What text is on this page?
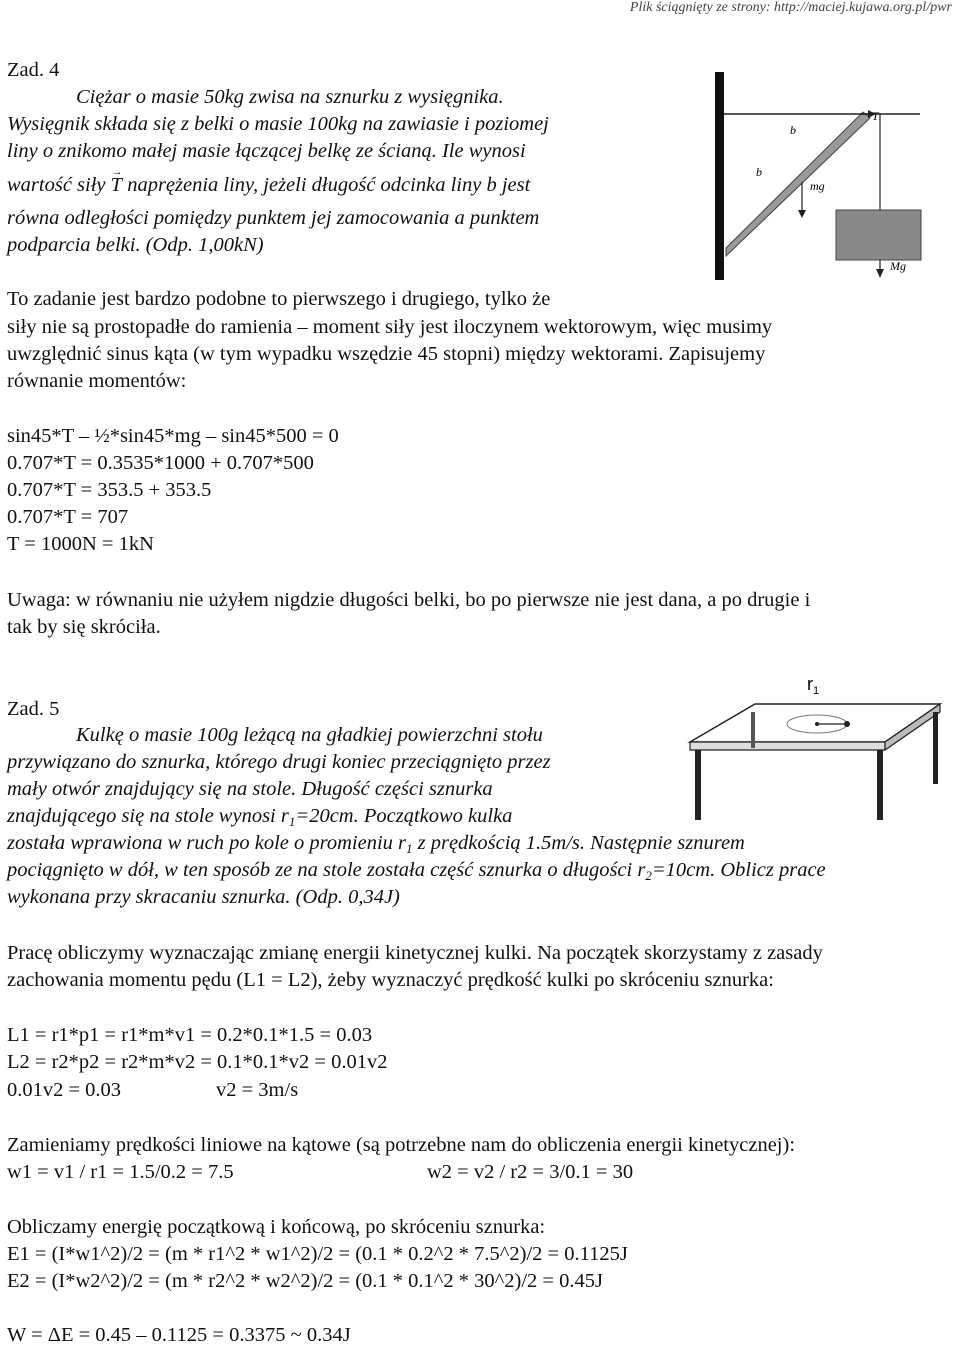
Plik ściągnięty ze strony: http://maciej.kujawa.org.pl/pwr
Zad. 4
Ciężar o masie 50kg zwisa na sznurku z wysięgnika.
Wysięgnik składa się z belki o masie 100kg na zawiasie i poziomej
liny o znikomo małej masie łączącej belkę ze ścianą. Ile wynosi
wartość siły → T naprężenia liny, jeżeli długość odcinka liny b jest
równa odległości pomiędzy punktem jej zamocowania a punktem
podparcia belki. (Odp. 1,00kN)
b
T
b
mg
Mg
To zadanie jest bardzo podobne to pierwszego i drugiego, tylko że
siły nie są prostopadłe do ramienia – moment siły jest iloczynem wektorowym, więc musimy
uwzględnić sinus kąta (w tym wypadku wszędzie 45 stopni) między wektorami. Zapisujemy
równanie momentów:
sin45*T – ½*sin45*mg – sin45*500 = 0
0.707*T = 0.3535*1000 + 0.707*500
0.707*T = 353.5 + 353.5
0.707*T = 707
T = 1000N = 1kN
Uwaga: w równaniu nie użyłem nigdzie długości belki, bo po pierwsze nie jest dana, a po drugie i
tak by się skróciła.
Zad. 5
Kulkę o masie 100g leżącą na gładkiej powierzchni stołu
przywiązano do sznurka, którego drugi koniec przeciągnięto przez
mały otwór znajdujący się na stole. Długość części sznurka
znajdującego się na stole wynosi $r_1=20cm$. Początkowo kulka
została wprawiona w ruch po kole o promieniu $r_1$ z prędkością 1.5m/s. Następnie sznurem
pociągnięto w dół, w ten sposób ze na stole została część sznurka o długości $r_2=10cm$. Oblicz prace
wykonana przy skracaniu sznurka. (Odp. 0,34J)
$r_1$
Pracę obliczymy wyznaczając zmianę energii kinetycznej kulki. Na początek skorzystamy z zasady
zachowania momentu pędu (L1 = L2), żeby wyznaczyć prędkość kulki po skróceniu sznurka:
L1 = r1*p1 = r1*m*v1 = 0.2*0.1*1.5 = 0.03
L2 = r2*p2 = r2*m*v2 = 0.1*0.1*v2 = 0.01v2
0.01v2 = 0.03	v2 = 3m/s
Zamieniamy prędkości liniowe na kątowe (są potrzebne nam do obliczenia energii kinetycznej):
w1 = v1 / r1 = 1.5/0.2 = 7.5	w2 = v2 / r2 = 3/0.1 = 30
Obliczamy energię początkową i końcową, po skróceniu sznurka:
E1 = (I*w1^2)/2 = (m * r1^2 * w1^2)/2 = (0.1 * 0.2^2 * 7.5^2)/2 = 0.1125J
E2 = (I*w2^2)/2 = (m * r2^2 * w2^2)/2 = (0.1 * 0.1^2 * 30^2)/2 = 0.45J
W = ΔE = 0.45 – 0.1125 = 0.3375 ~ 0.34J
